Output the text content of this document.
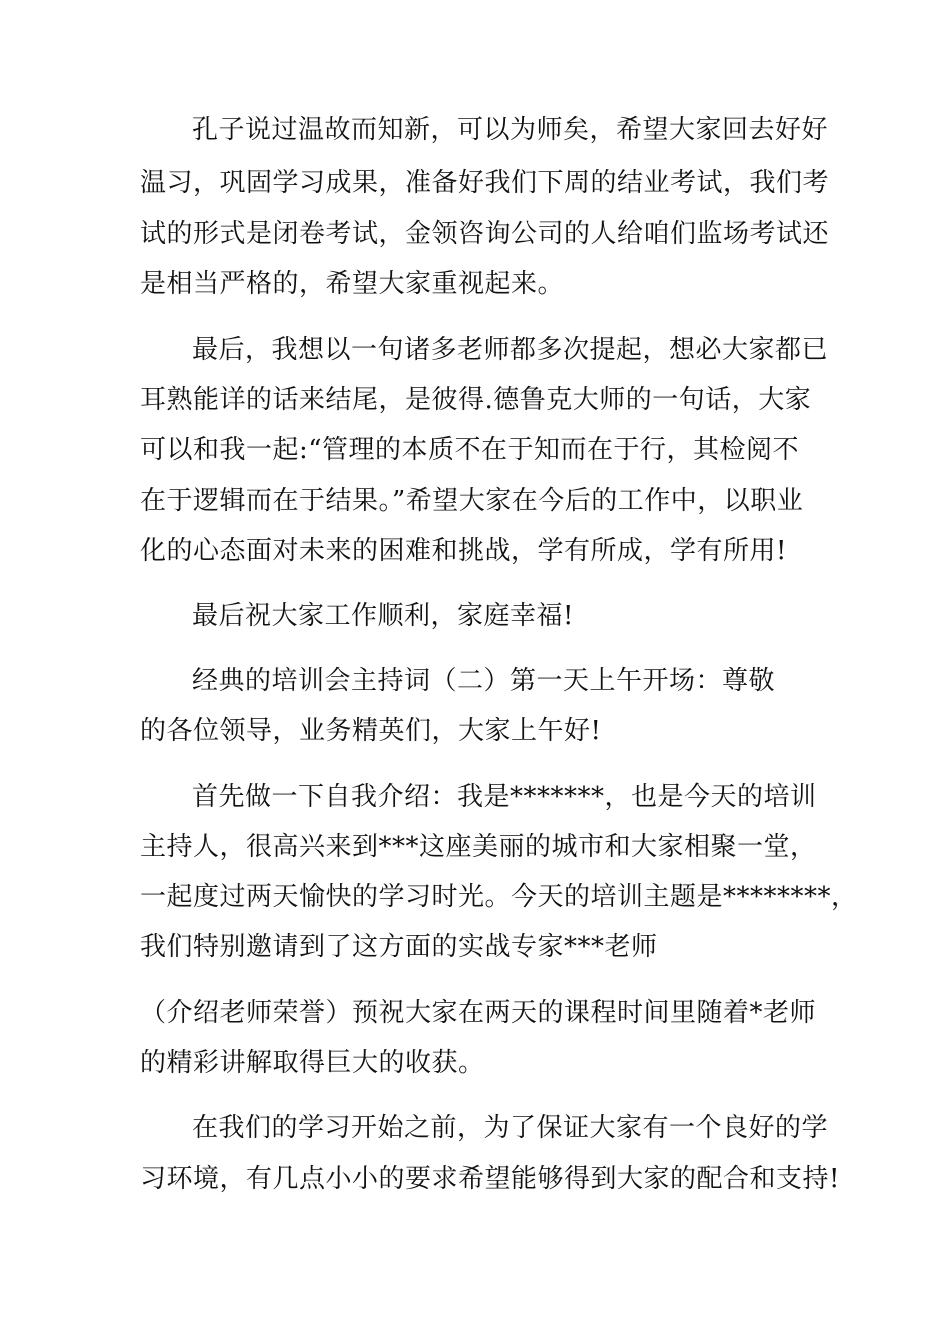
孔子说过温故而知新，可以为师矣，希望大家回去好好
温习，巩固学习成果，准备好我们下周的结业考试，我们考
试的形式是闭卷考试，金领咨询公司的人给咱们监场考试还
是相当严格的，希望大家重视起来。
最后，我想以一句诸多老师都多次提起，想必大家都已
耳熟能详的话来结尾，是彼得.德鲁克大师的一句话，大家
可以和我一起:“管理的本质不在于知而在于行，其检阅不
在于逻辑而在于结果。”希望大家在今后的工作中，以职业
化的心态面对未来的困难和挑战，学有所成，学有所用!
最后祝大家工作顺利，家庭幸福!
经典的培训会主持词（二）第一天上午开场：尊敬
的各位领导，业务精英们，大家上午好!
首先做一下自我介绍：我是*******，也是今天的培训
主持人，很高兴来到***这座美丽的城市和大家相聚一堂，
一起度过两天愉快的学习时光。今天的培训主题是********，
我们特别邀请到了这方面的实战专家***老师
（介绍老师荣誉）预祝大家在两天的课程时间里随着*老师
的精彩讲解取得巨大的收获。
在我们的学习开始之前，为了保证大家有一个良好的学
习环境，有几点小小的要求希望能够得到大家的配合和支持!
